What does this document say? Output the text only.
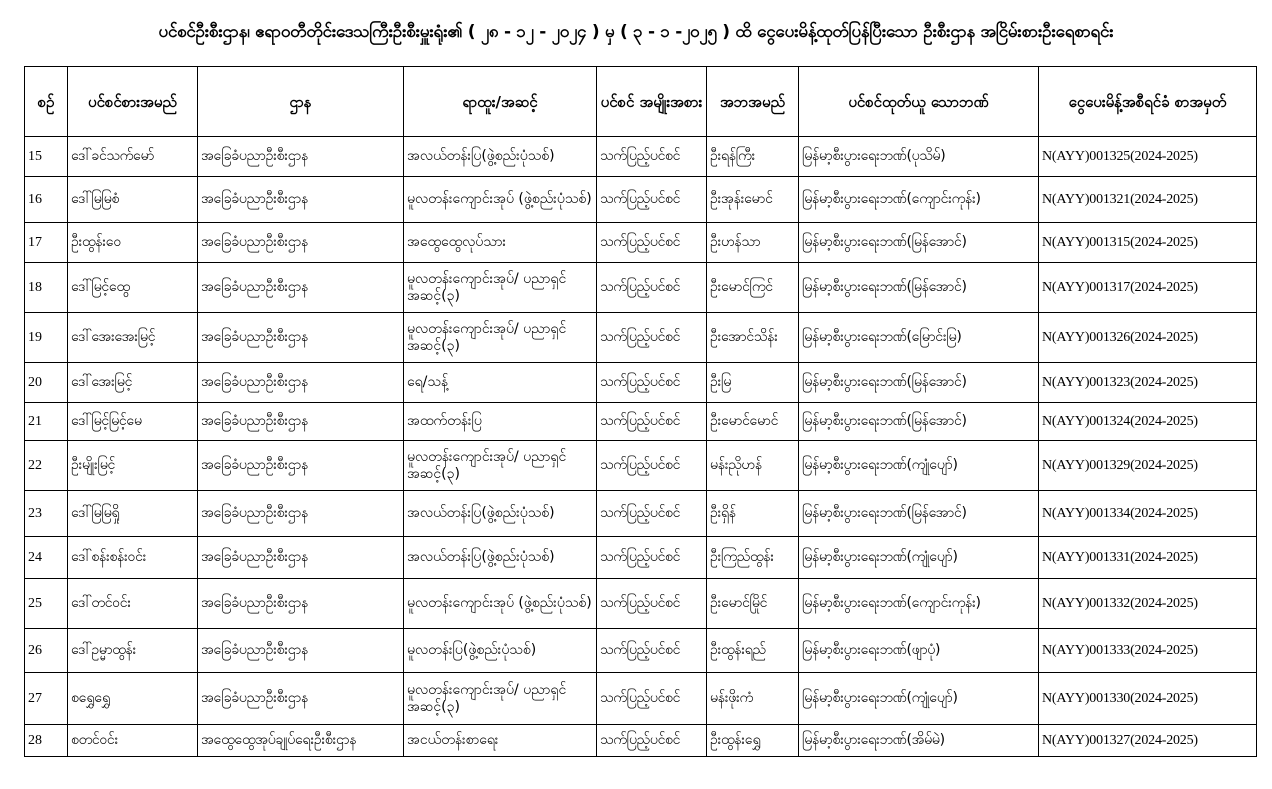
ပင်စင်ဦးစီးဌာန၊ ဧရာဝတီတိုင်းဒေသကြီးဦးစီးမှူးရုံး၏ ( ၂၈ - ၁၂ - ၂၀၂၄ ) မှ ( ၃ - ၁ -၂၀၂၅ ) ထိ ငွေပေးမိန့်ထုတ်ပြန်ပြီးသော ဦးစီးဌာန အငြိမ်းစားဦးရေစာရင်း
စဉ်	ပင်စင်စားအမည်	ဌာန	ရာထူး/အဆင့်	ပင်စင် အမျိုးအစား	အဘအမည်	ပင်စင်ထုတ်ယူ သောဘဏ်	ငွေပေးမိန့်အစီရင်ခံ စာအမှတ်
15	ဒေါ်ခင်သက်မော်	အခြေခံပညာဦးစီးဌာန	အလယ်တန်းပြ(ဖွဲ့စည်းပုံသစ်)	သက်ပြည့်ပင်စင်	ဦးရန်ကြီး	မြန်မာ့စီးပွားရေးဘဏ်(ပုသိမ်)	N(AYY)001325(2024-2025)
16	ဒေါ်မြမြစံ	အခြေခံပညာဦးစီးဌာန	မူလတန်းကျောင်းအုပ် (ဖွဲ့စည်းပုံသစ်)	သက်ပြည့်ပင်စင်	ဦးအုန်းမောင်	မြန်မာ့စီးပွားရေးဘဏ်(ကျောင်းကုန်း)	N(AYY)001321(2024-2025)
17	ဦးထွန်းဝေ	အခြေခံပညာဦးစီးဌာန	အထွေထွေလုပ်သား	သက်ပြည့်ပင်စင်	ဦးဟန်သာ	မြန်မာ့စီးပွားရေးဘဏ်(မြန်အောင်)	N(AYY)001315(2024-2025)
18	ဒေါ်မြင့်ထွေ	အခြေခံပညာဦးစီးဌာန	မူလတန်းကျောင်းအုပ်/ ပညာရှင်အဆင့်(၃)	သက်ပြည့်ပင်စင်	ဦးမောင်ကြင်	မြန်မာ့စီးပွားရေးဘဏ်(မြန်အောင်)	N(AYY)001317(2024-2025)
19	ဒေါ်အေးအေးမြင့်	အခြေခံပညာဦးစီးဌာန	မူလတန်းကျောင်းအုပ်/ ပညာရှင်အဆင့်(၃)	သက်ပြည့်ပင်စင်	ဦးအောင်သိန်း	မြန်မာ့စီးပွားရေးဘဏ်(မြောင်းမြ)	N(AYY)001326(2024-2025)
20	ဒေါ်အေးမြင့်	အခြေခံပညာဦးစီးဌာန	ရေ/သန့်	သက်ပြည့်ပင်စင်	ဦးမြ	မြန်မာ့စီးပွားရေးဘဏ်(မြန်အောင်)	N(AYY)001323(2024-2025)
21	ဒေါ်မြင့်မြင့်မေ	အခြေခံပညာဦးစီးဌာန	အထက်တန်းပြ	သက်ပြည့်ပင်စင်	ဦးမောင်မောင်	မြန်မာ့စီးပွားရေးဘဏ်(မြန်အောင်)	N(AYY)001324(2024-2025)
22	ဦးမျိုးမြင့်	အခြေခံပညာဦးစီးဌာန	မူလတန်းကျောင်းအုပ်/ ပညာရှင်အဆင့်(၃)	သက်ပြည့်ပင်စင်	မန်းညိုဟန်	မြန်မာ့စီးပွားရေးဘဏ်(ကျုံပျော်)	N(AYY)001329(2024-2025)
23	ဒေါ်မြမြရှို	အခြေခံပညာဦးစီးဌာန	အလယ်တန်းပြ(ဖွဲ့စည်းပုံသစ်)	သက်ပြည့်ပင်စင်	ဦးရှိန်	မြန်မာ့စီးပွားရေးဘဏ်(မြန်အောင်)	N(AYY)001334(2024-2025)
24	ဒေါ်စန်းစန်းဝင်း	အခြေခံပညာဦးစီးဌာန	အလယ်တန်းပြ(ဖွဲ့စည်းပုံသစ်)	သက်ပြည့်ပင်စင်	ဦးကြည်ထွန်း	မြန်မာ့စီးပွားရေးဘဏ်(ကျုံပျော်)	N(AYY)001331(2024-2025)
25	ဒေါ်တင်ဝင်း	အခြေခံပညာဦးစီးဌာန	မူလတန်းကျောင်းအုပ် (ဖွဲ့စည်းပုံသစ်)	သက်ပြည့်ပင်စင်	ဦးမောင်မြိုင်	မြန်မာ့စီးပွားရေးဘဏ်(ကျောင်းကုန်း)	N(AYY)001332(2024-2025)
26	ဒေါ်ဥမ္မာထွန်း	အခြေခံပညာဦးစီးဌာန	မူလတန်းပြ(ဖွဲ့စည်းပုံသစ်)	သက်ပြည့်ပင်စင်	ဦးထွန်းရည်	မြန်မာ့စီးပွားရေးဘဏ်(ဖျာပုံ)	N(AYY)001333(2024-2025)
27	စရွှေရွှေ	အခြေခံပညာဦးစီးဌာန	မူလတန်းကျောင်းအုပ်/ ပညာရှင်အဆင့်(၃)	သက်ပြည့်ပင်စင်	မန်းဖိုးကံ	မြန်မာ့စီးပွားရေးဘဏ်(ကျုံပျော်)	N(AYY)001330(2024-2025)
28	စတင်ဝင်း	အထွေထွေအုပ်ချုပ်ရေးဦးစီးဌာန	အငယ်တန်းစာရေး	သက်ပြည့်ပင်စင်	ဦးထွန်းရွှေ	မြန်မာ့စီးပွားရေးဘဏ်(အိမ်မဲ)	N(AYY)001327(2024-2025)
